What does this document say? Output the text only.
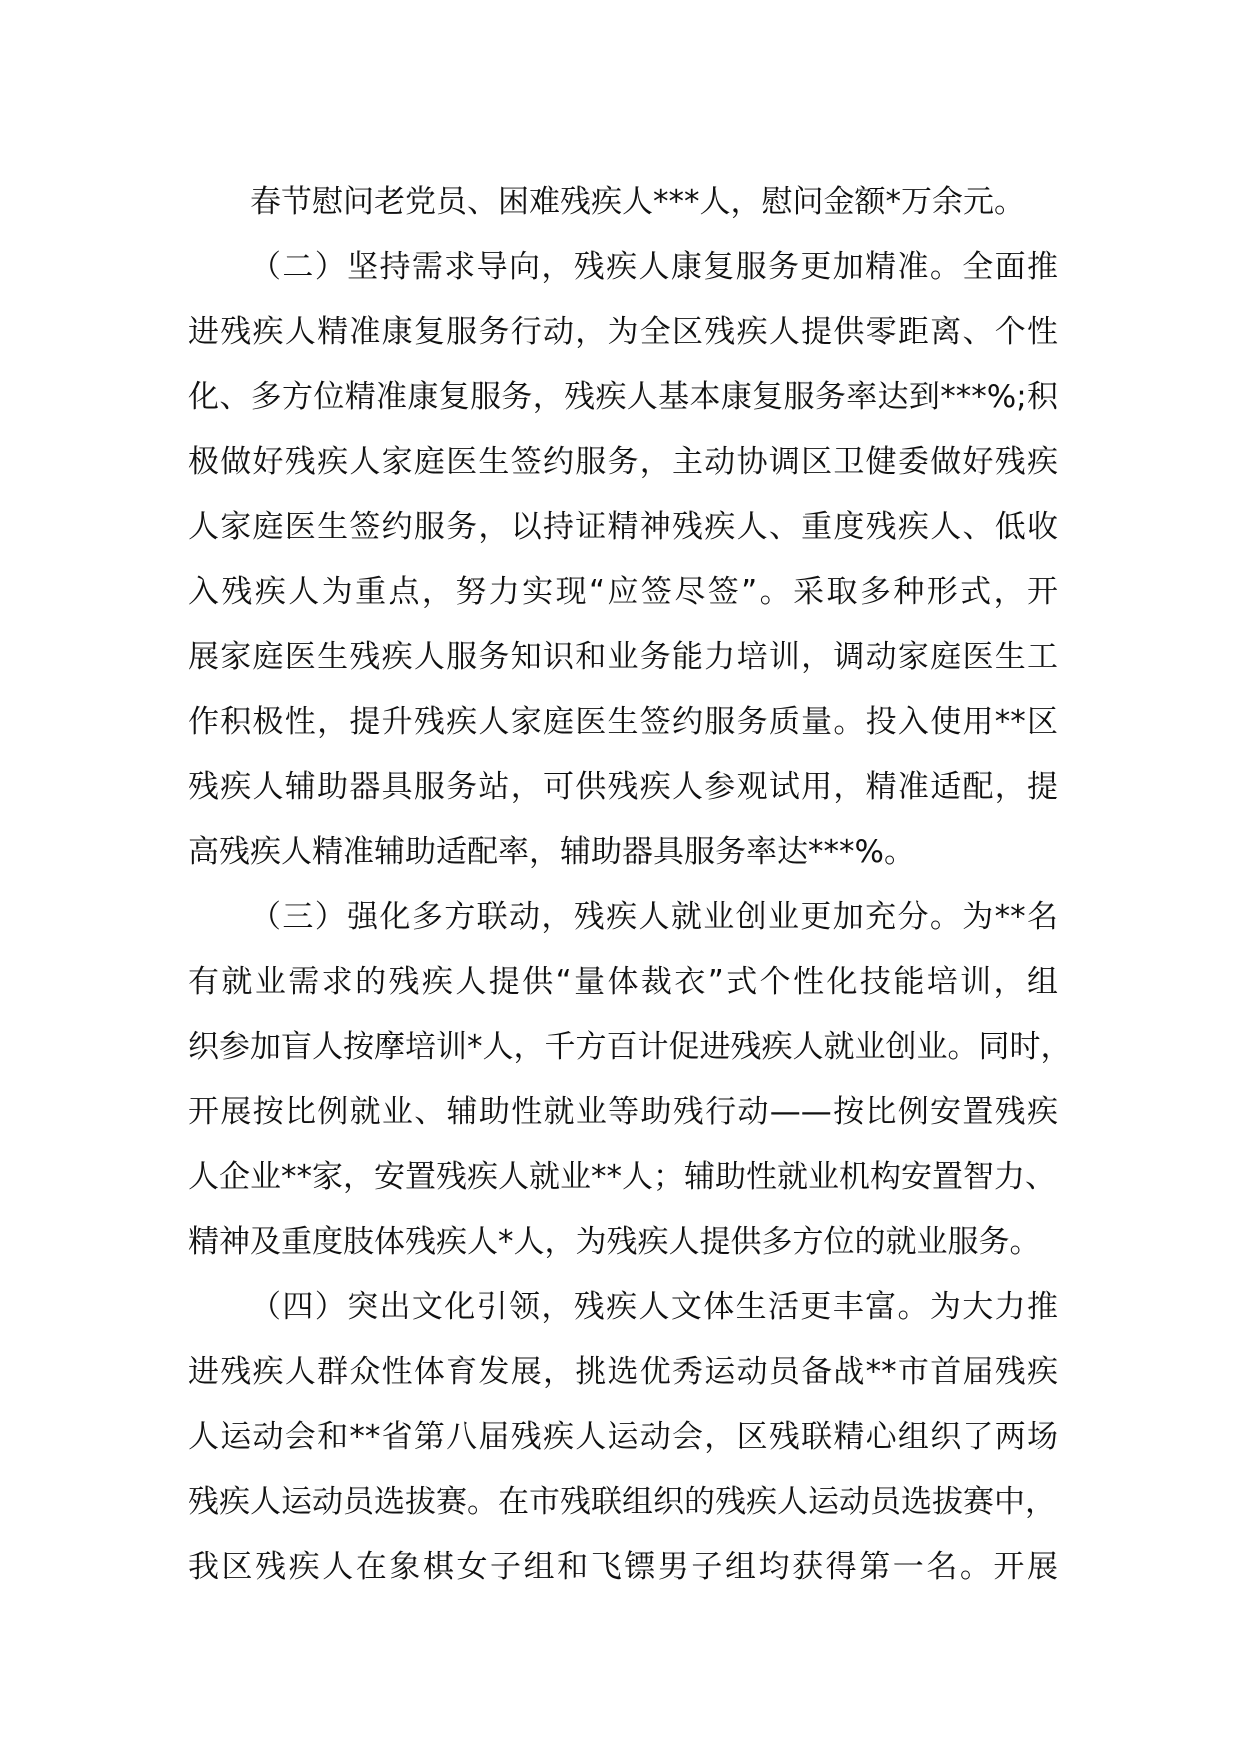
春节慰问老党员、困难残疾人***人，慰问金额*万余元。
（二）坚持需求导向，残疾人康复服务更加精准。全面推
进残疾人精准康复服务行动，为全区残疾人提供零距离、个性
化、多方位精准康复服务，残疾人基本康复服务率达到***%;积
极做好残疾人家庭医生签约服务，主动协调区卫健委做好残疾
人家庭医生签约服务，以持证精神残疾人、重度残疾人、低收
入残疾人为重点，努力实现“应签尽签”。采取多种形式，开
展家庭医生残疾人服务知识和业务能力培训，调动家庭医生工
作积极性，提升残疾人家庭医生签约服务质量。投入使用**区
残疾人辅助器具服务站，可供残疾人参观试用，精准适配，提
高残疾人精准辅助适配率，辅助器具服务率达***%。
（三）强化多方联动，残疾人就业创业更加充分。为**名
有就业需求的残疾人提供“量体裁衣”式个性化技能培训，组
织参加盲人按摩培训*人，千方百计促进残疾人就业创业。同时，
开展按比例就业、辅助性就业等助残行动——按比例安置残疾
人企业**家，安置残疾人就业**人；辅助性就业机构安置智力、
精神及重度肢体残疾人*人，为残疾人提供多方位的就业服务。
（四）突出文化引领，残疾人文体生活更丰富。为大力推
进残疾人群众性体育发展，挑选优秀运动员备战**市首届残疾
人运动会和**省第八届残疾人运动会，区残联精心组织了两场
残疾人运动员选拔赛。在市残联组织的残疾人运动员选拔赛中，
我区残疾人在象棋女子组和飞镖男子组均获得第一名。开展
